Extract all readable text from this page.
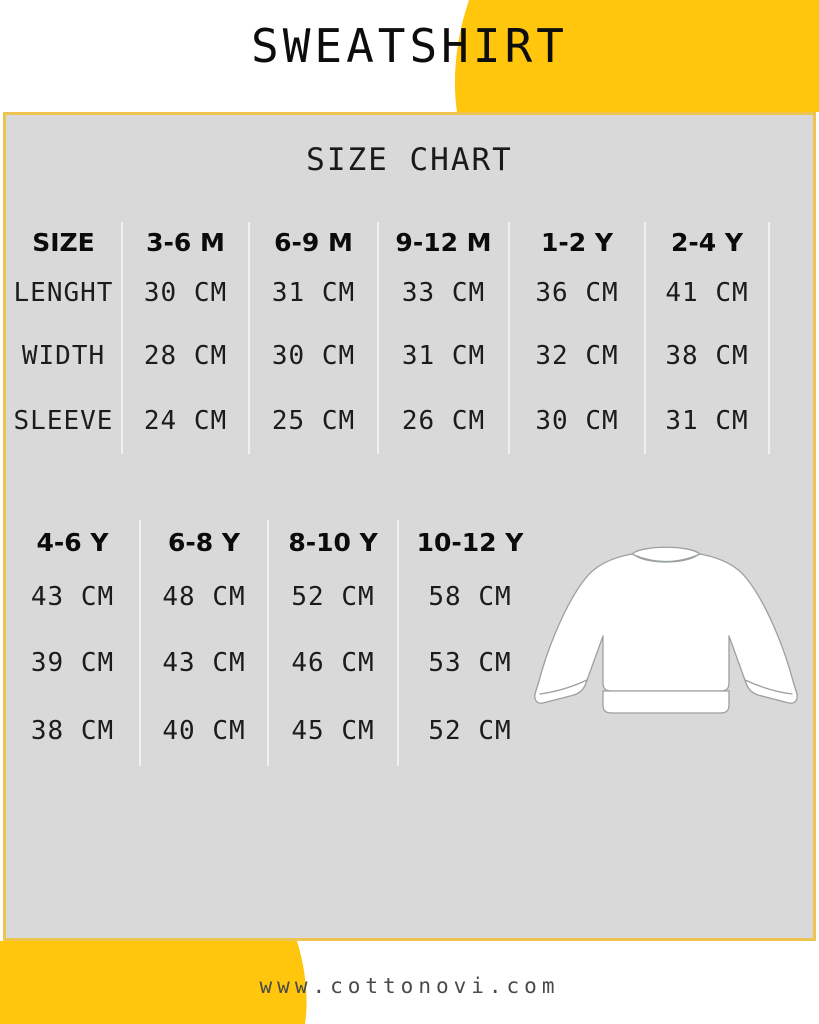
SWEATSHIRT
SIZE CHART
SIZE	3-6 M	6-9 M	9-12 M	1-2 Y	2-4 Y
LENGHT	30 CM	31 CM	33 CM	36 CM	41 CM
WIDTH	28 CM	30 CM	31 CM	32 CM	38 CM
SLEEVE	24 CM	25 CM	26 CM	30 CM	31 CM
4-6 Y	6-8 Y	8-10 Y	10-12 Y
43 CM	48 CM	52 CM	58 CM
39 CM	43 CM	46 CM	53 CM
38 CM	40 CM	45 CM	52 CM
www.cottonovi.com
